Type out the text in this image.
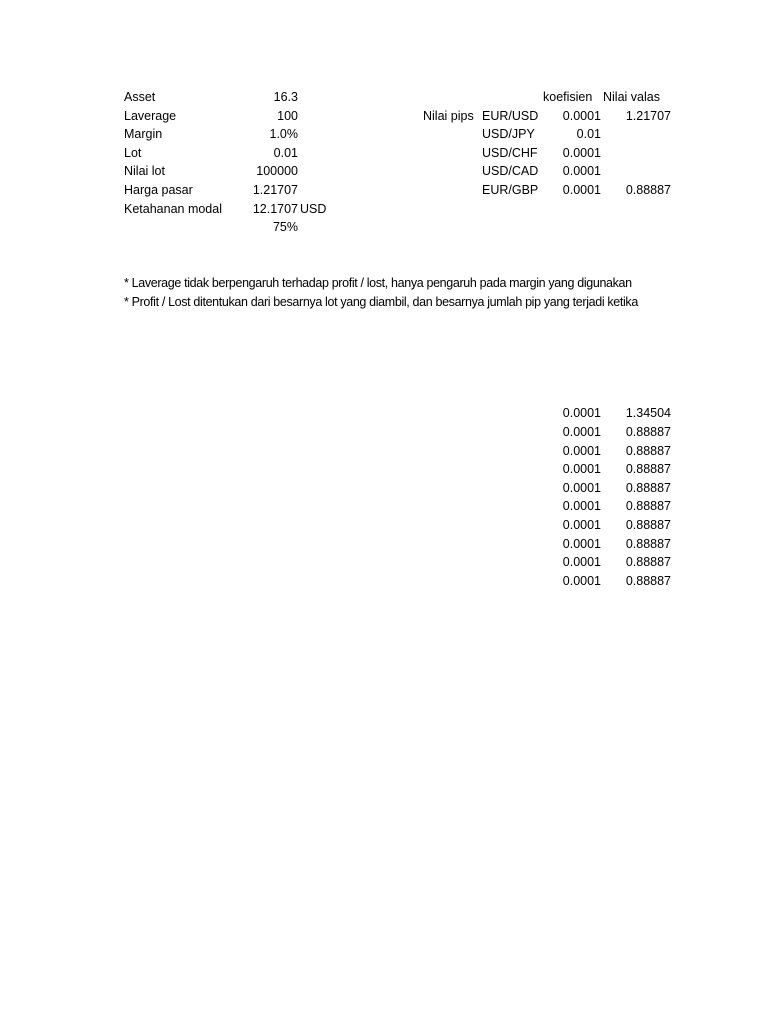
Asset	16.3
Laverage	100
Margin	1.0%
Lot	0.01
Nilai lot	100000
Harga pasar	1.21707
Ketahanan modal	12.1707 USD
75%
koefisien Nilai valas
Nilai pips EUR/USD	0.0001	1.21707
USD/JPY	0.01
USD/CHF	0.0001
USD/CAD	0.0001
EUR/GBP	0.0001	0.88887
* Laverage tidak berpengaruh terhadap profit / lost, hanya pengaruh pada margin yang digunakan
* Profit / Lost ditentukan dari besarnya lot yang diambil, dan besarnya jumlah pip yang terjadi ketika
0.0001	1.34504
0.0001	0.88887
0.0001	0.88887
0.0001	0.88887
0.0001	0.88887
0.0001	0.88887
0.0001	0.88887
0.0001	0.88887
0.0001	0.88887
0.0001	0.88887
